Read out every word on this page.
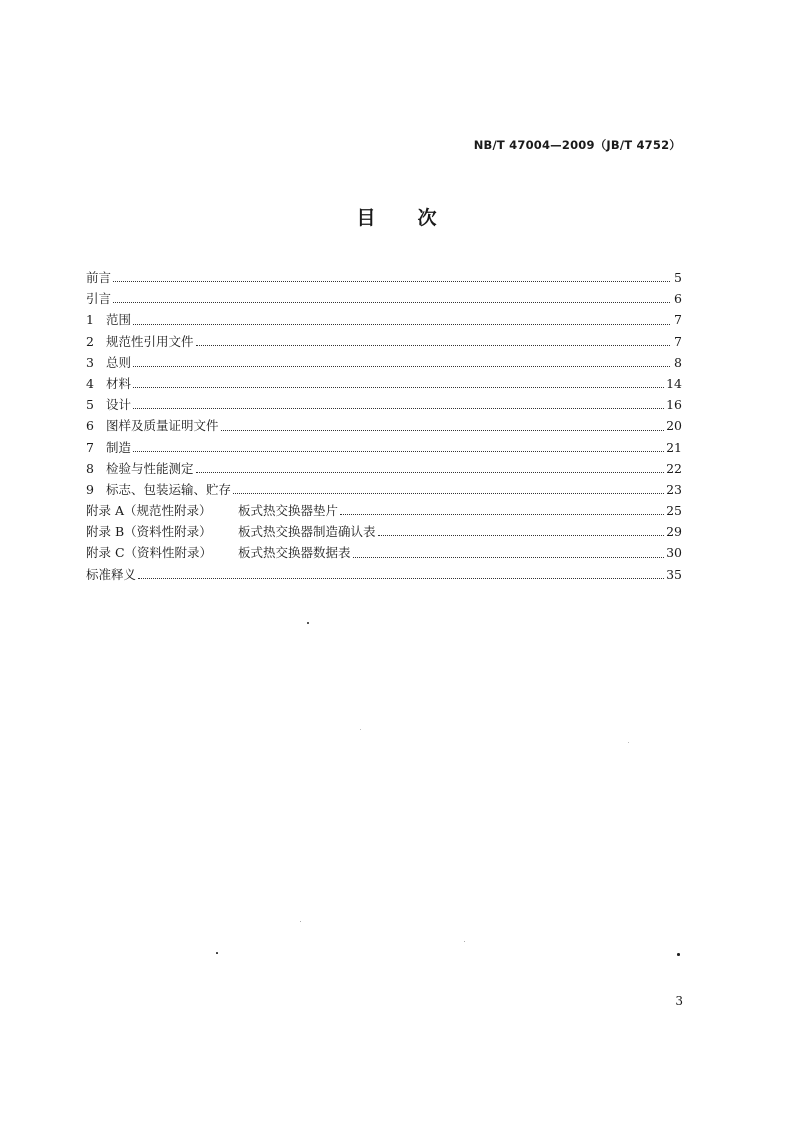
NB/T 47004—2009（JB/T 4752）
目次
前言	5
引言	6
1 范围	7
2 规范性引用文件	7
3 总则	8
4 材料	14
5 设计	16
6 图样及质量证明文件	20
7 制造	21
8 检验与性能测定	22
9 标志、包装运输、贮存	23
附录 A（规范性附录）	板式热交换器垫片	25
附录 B（资料性附录）	板式热交换器制造确认表	29
附录 C（资料性附录）	板式热交换器数据表	30
标准释义	35
3
